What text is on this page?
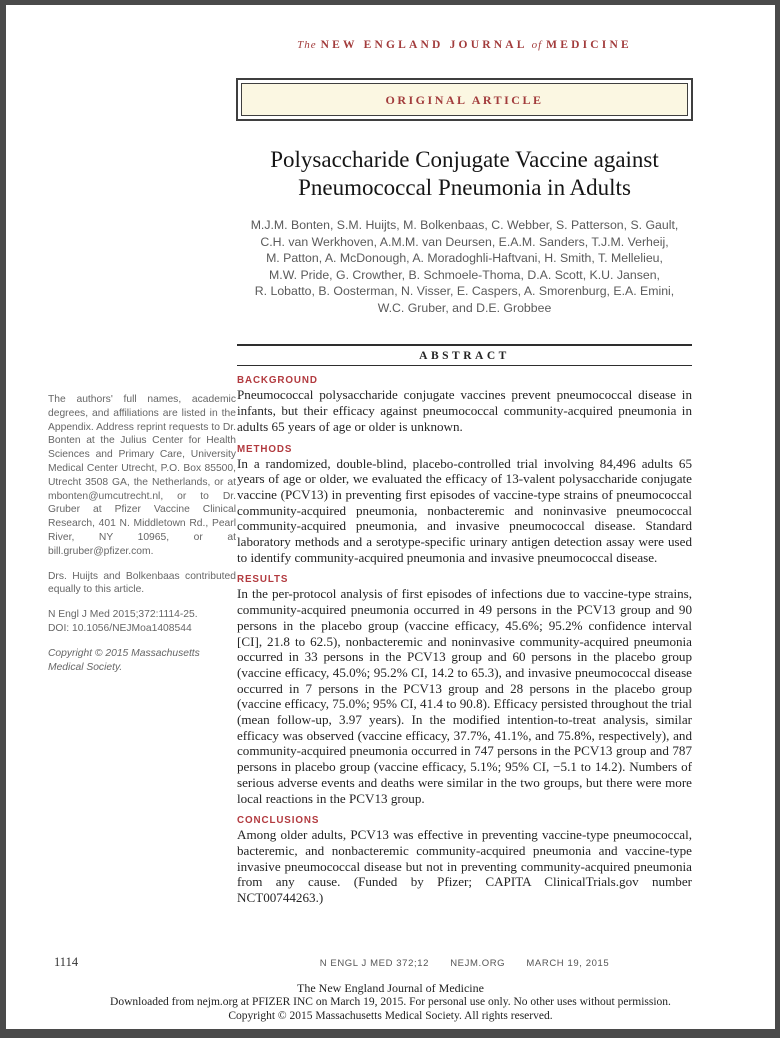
The NEW ENGLAND JOURNAL of MEDICINE
ORIGINAL ARTICLE
Polysaccharide Conjugate Vaccine against
Pneumococcal Pneumonia in Adults
M.J.M. Bonten, S.M. Huijts, M. Bolkenbaas, C. Webber, S. Patterson, S. Gault,
C.H. van Werkhoven, A.M.M. van Deursen, E.A.M. Sanders, T.J.M. Verheij,
M. Patton, A. McDonough, A. Moradoghli-Haftvani, H. Smith, T. Mellelieu,
M.W. Pride, G. Crowther, B. Schmoele-Thoma, D.A. Scott, K.U. Jansen,
R. Lobatto, B. Oosterman, N. Visser, E. Caspers, A. Smorenburg, E.A. Emini,
W.C. Gruber, and D.E. Grobbee
ABSTRACT
BACKGROUND
Pneumococcal polysaccharide conjugate vaccines prevent pneumococcal disease in infants, but their efficacy against pneumococcal community-acquired pneumonia in adults 65 years of age or older is unknown.
METHODS
In a randomized, double-blind, placebo-controlled trial involving 84,496 adults 65 years of age or older, we evaluated the efficacy of 13-valent polysaccharide conjugate vaccine (PCV13) in preventing first episodes of vaccine-type strains of pneumococcal community-acquired pneumonia, nonbacteremic and noninvasive pneumococcal community-acquired pneumonia, and invasive pneumococcal disease. Standard laboratory methods and a serotype-specific urinary antigen detection assay were used to identify community-acquired pneumonia and invasive pneumococcal disease.
RESULTS
In the per-protocol analysis of first episodes of infections due to vaccine-type strains, community-acquired pneumonia occurred in 49 persons in the PCV13 group and 90 persons in the placebo group (vaccine efficacy, 45.6%; 95.2% confidence interval [CI], 21.8 to 62.5), nonbacteremic and noninvasive community-acquired pneumonia occurred in 33 persons in the PCV13 group and 60 persons in the placebo group (vaccine efficacy, 45.0%; 95.2% CI, 14.2 to 65.3), and invasive pneumococcal disease occurred in 7 persons in the PCV13 group and 28 persons in the placebo group (vaccine efficacy, 75.0%; 95% CI, 41.4 to 90.8). Efficacy persisted throughout the trial (mean follow-up, 3.97 years). In the modified intention-to-treat analysis, similar efficacy was observed (vaccine efficacy, 37.7%, 41.1%, and 75.8%, respectively), and community-acquired pneumonia occurred in 747 persons in the PCV13 group and 787 persons in placebo group (vaccine efficacy, 5.1%; 95% CI, −5.1 to 14.2). Numbers of serious adverse events and deaths were similar in the two groups, but there were more local reactions in the PCV13 group.
CONCLUSIONS
Among older adults, PCV13 was effective in preventing vaccine-type pneumococcal, bacteremic, and nonbacteremic community-acquired pneumonia and vaccine-type invasive pneumococcal disease but not in preventing community-acquired pneumonia from any cause. (Funded by Pfizer; CAPITA ClinicalTrials.gov number NCT00744263.)
The authors' full names, academic degrees, and affiliations are listed in the Appendix. Address reprint requests to Dr. Bonten at the Julius Center for Health Sciences and Primary Care, University Medical Center Utrecht, P.O. Box 85500, Utrecht 3508 GA, the Netherlands, or at mbonten@umcutrecht.nl, or to Dr. Gruber at Pfizer Vaccine Clinical Research, 401 N. Middletown Rd., Pearl River, NY 10965, or at bill.gruber@pfizer.com.
Drs. Huijts and Bolkenbaas contributed equally to this article.
N Engl J Med 2015;372:1114-25.
DOI: 10.1056/NEJMoa1408544
Copyright © 2015 Massachusetts Medical Society.
1114	N ENGL J MED 372;12 NEJM.ORG MARCH 19, 2015
The New England Journal of Medicine
Downloaded from nejm.org at PFIZER INC on March 19, 2015. For personal use only. No other uses without permission.
Copyright © 2015 Massachusetts Medical Society. All rights reserved.
